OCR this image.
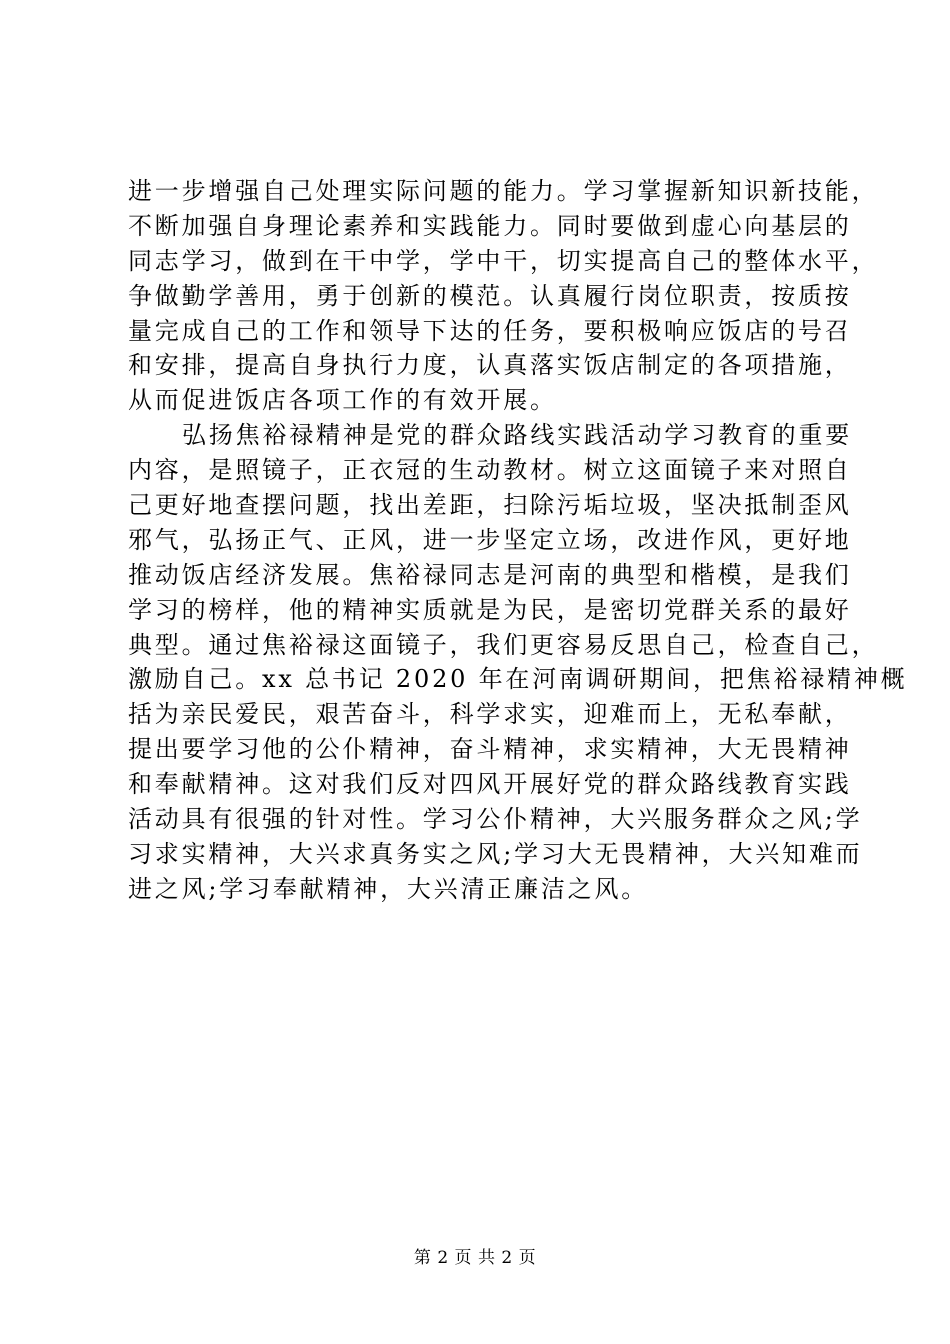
进一步增强自己处理实际问题的能力。学习掌握新知识新技能，
不断加强自身理论素养和实践能力。同时要做到虚心向基层的
同志学习，做到在干中学，学中干，切实提高自己的整体水平，
争做勤学善用，勇于创新的模范。认真履行岗位职责，按质按
量完成自己的工作和领导下达的任务，要积极响应饭店的号召
和安排，提高自身执行力度，认真落实饭店制定的各项措施，
从而促进饭店各项工作的有效开展。
弘扬焦裕禄精神是党的群众路线实践活动学习教育的重要
内容，是照镜子，正衣冠的生动教材。树立这面镜子来对照自
己更好地查摆问题，找出差距，扫除污垢垃圾，坚决抵制歪风
邪气，弘扬正气、正风，进一步坚定立场，改进作风，更好地
推动饭店经济发展。焦裕禄同志是河南的典型和楷模，是我们
学习的榜样，他的精神实质就是为民，是密切党群关系的最好
典型。通过焦裕禄这面镜子，我们更容易反思自己，检查自己，
激励自己。xx 总书记 2020 年在河南调研期间，把焦裕禄精神概
括为亲民爱民，艰苦奋斗，科学求实，迎难而上，无私奉献，
提出要学习他的公仆精神，奋斗精神，求实精神，大无畏精神
和奉献精神。这对我们反对四风开展好党的群众路线教育实践
活动具有很强的针对性。学习公仆精神，大兴服务群众之风;学
习求实精神，大兴求真务实之风;学习大无畏精神，大兴知难而
进之风;学习奉献精神，大兴清正廉洁之风。
第 2 页 共 2 页
